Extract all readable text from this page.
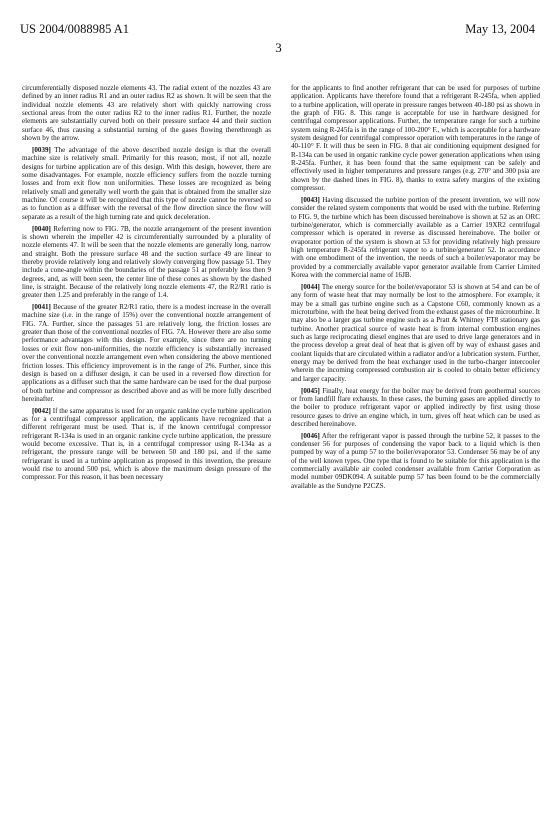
US 2004/0088985 A1	May 13, 2004
3

circumferentially disposed nozzle elements 43. The radial extent of the nozzles 43 are defined by an inner radius R1 and an outer radius R2 as shown. It will be seen that the individual nozzle elements 43 are relatively short with quickly narrowing cross sectional areas from the outer radius R2 to the inner radius R1. Further, the nozzle elements are substantially curved both on their pressure surface 44 and their suction surface 46, thus causing a substantial turning of the gases flowing therethrough as shown by the arrow.

[0039] The advantage of the above described nozzle design is that the overall machine size is relatively small. Primarily for this reason, most, if not all, nozzle designs for turbine application are of this design. With this design, however, there are some disadvantages. For example, nozzle efficiency suffers from the nozzle turning losses and from exit flow non uniformities. These losses are recognized as being relatively small and generally well worth the gain that is obtained from the smaller size machine. Of course it will be recognized that this type of nozzle cannot be reversed so as to function as a diffuser with the reversal of the flow direction since the flow will separate as a result of the high turning rate and quick deceleration.

[0040] Referring now to FIG. 7B, the nozzle arrangement of the present invention is shown wherein the impeller 42 is circumferentially surrounded by a plurality of nozzle elements 47. It will be seen that the nozzle elements are generally long, narrow and straight. Both the pressure surface 48 and the suction surface 49 are linear to thereby provide relatively long and relatively slowly converging flow passage 51. They include a cone-angle within the boundaries of the passage 51 at preferably less then 9 degrees, and, as will been seen, the center line of these cones as shown by the dashed line, is straight. Because of the relatively long nozzle elements 47, the R2/R1 ratio is greater then 1.25 and preferably in the range of 1.4.

[0041] Because of the greater R2/R1 ratio, there is a modest increase in the overall machine size (i.e. in the range of 15%) over the conventional nozzle arrangement of FIG. 7A. Further, since the passages 51 are relatively long, the friction losses are greater than those of the conventional nozzles of FIG. 7A. However there are also some performance advantages with this design. For example, since there are no turning losses or exit flow non-uniformities, the nozzle efficiency is substantially increased over the conventional nozzle arrangement even when considering the above mentioned friction losses. This efficiency improvement is in the range of 2%. Further, since this design is based on a diffuser design, it can be used in a reversed flow direction for applications as a diffuser such that the same hardware can be used for the dual purpose of both turbine and compressor as described above and as will be more fully described hereinafter.

[0042] If the same apparatus is used for an organic rankine cycle turbine application as for a centrifugal compressor application, the applicants have recognized that a different refrigerant must be used. That is, if the known centrifugal compressor refrigerant R-134a is used in an organic rankine cycle turbine application, the pressure would become excessive. That is, in a centrifugal compressor using R-134a as a refrigerant, the pressure range will be between 50 and 180 psi, and if the same refrigerant is used in a turbine application as proposed in this invention, the pressure would rise to around 500 psi, which is above the maximum design pressure of the compressor. For this reason, it has been necessary

for the applicants to find another refrigerant that can be used for purposes of turbine application. Applicants have therefore found that a refrigerant R-245fa, when applied to a turbine application, will operate in pressure ranges between 40-180 psi as shown in the graph of FIG. 8. This range is acceptable for use in hardware designed for centrifugal compressor applications. Further, the temperature range for such a turbine system using R-245fa is in the range of 100-200° F., which is acceptable for a hardware system designed for centrifugal compressor operation with temperatures in the range of 40-110° F. It will thus be seen in FIG. 8 that air conditioning equipment designed for R-134a can be used in organic rankine cycle power generation applications when using R-245fa. Further, it has been found that the same equipment can be safely and effectively used in higher temperatures and pressure ranges (e.g. 270° and 300 psia are shown by the dashed lines in FIG. 8), thanks to extra safety margins of the existing compressor.

[0043] Having discussed the turbine portion of the present invention, we will now consider the related system components that would be used with the turbine. Referring to FIG. 9, the turbine which has been discussed hereinabove is shown at 52 as an ORC turbine/generator, which is commercially available as a Carrier 19XR2 centrifugal compressor which is operated in reverse as discussed hereinabove. The boiler or evaporator portion of the system is shown at 53 for providing relatively high pressure high temperature R-245fa refrigerant vapor to a turbine/generator 52. In accordance with one embodiment of the invention, the needs of such a boiler/evaporator may be provided by a commercially available vapor generator available from Carrier Limited Korea with the commercial name of 16JB.

[0044] The energy source for the boiler/evaporator 53 is shown at 54 and can be of any form of waste heat that may normally be lost to the atmosphere. For example, it may be a small gas turbine engine such as a Capstone C60, commonly known as a microturbine, with the heat being derived from the exhaust gases of the microturbine. It may also be a larger gas turbine engine such as a Pratt & Whitney FT8 stationary gas turbine. Another practical source of waste heat is from internal combustion engines such as large reciprocating diesel engines that are used to drive large generators and in the process develop a great deal of heat that is given off by way of exhaust gases and coolant liquids that are circulated within a radiator and/or a lubrication system. Further, energy may be derived from the heat exchanger used in the turbo-charger intercooler wherein the incoming compressed combustion air is cooled to obtain better efficiency and larger capacity.

[0045] Finally, heat energy for the boiler may be derived from geothermal sources or from landfill flare exhausts. In these cases, the burning gases are applied directly to the boiler to produce refrigerant vapor or applied indirectly by first using those resource gases to drive an engine which, in turn, gives off heat which can be used as described hereinabove.

[0046] After the refrigerant vapor is passed through the turbine 52, it passes to the condenser 56 for purposes of condensing the vapor back to a liquid which is then pumped by way of a pump 57 to the boiler/evaporator 53. Condenser 56 may be of any of the well known types. One type that is found to be suitable for this application is the commercially available air cooled condenser available from Carrier Corporation as model number 09DK094. A suitable pump 57 has been found to be the commercially available as the Sundyne P2CZS.
